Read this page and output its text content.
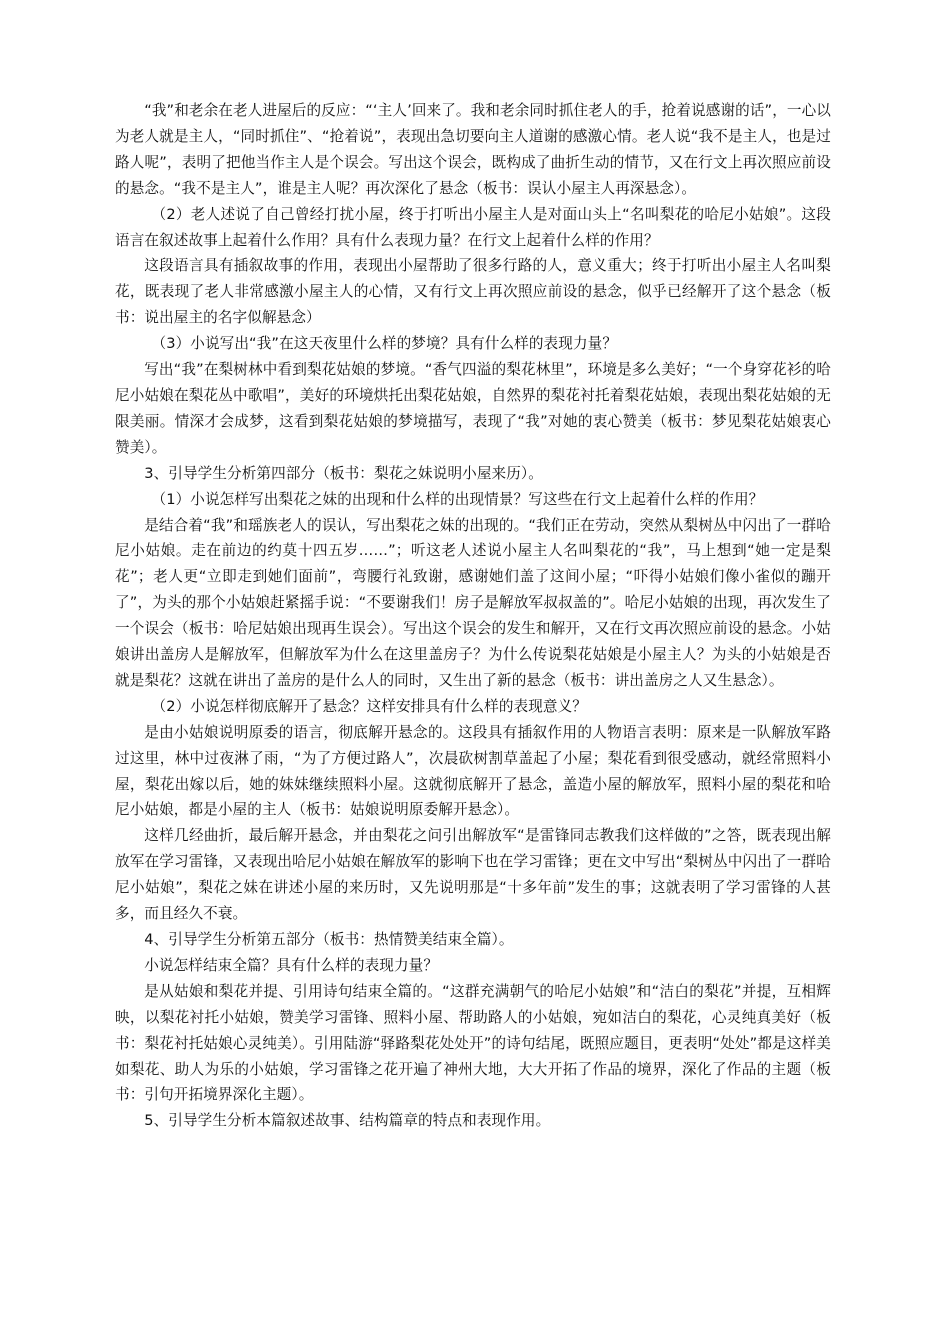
“我”和老余在老人进屋后的反应：“‘主人’回来了。我和老余同时抓住老人的手，抢着说感谢的话”，一心以为老人就是主人，“同时抓住”、“抢着说”，表现出急切要向主人道谢的感激心情。老人说“我不是主人，也是过路人呢”，表明了把他当作主人是个误会。写出这个误会，既构成了曲折生动的情节，又在行文上再次照应前设的悬念。“我不是主人”，谁是主人呢？再次深化了悬念（板书：误认小屋主人再深悬念）。

（2）老人述说了自己曾经打扰小屋，终于打听出小屋主人是对面山头上“名叫梨花的哈尼小姑娘”。这段语言在叙述故事上起着什么作用？具有什么表现力量？在行文上起着什么样的作用？

这段语言具有插叙故事的作用，表现出小屋帮助了很多行路的人，意义重大；终于打听出小屋主人名叫梨花，既表现了老人非常感激小屋主人的心情，又有行文上再次照应前设的悬念，似乎已经解开了这个悬念（板书：说出屋主的名字似解悬念）

（3）小说写出“我”在这天夜里什么样的梦境？具有什么样的表现力量？

写出“我”在梨树林中看到梨花姑娘的梦境。“香气四溢的梨花林里”，环境是多么美好；“一个身穿花衫的哈尼小姑娘在梨花丛中歌唱”，美好的环境烘托出梨花姑娘，自然界的梨花衬托着梨花姑娘，表现出梨花姑娘的无限美丽。情深才会成梦，这看到梨花姑娘的梦境描写，表现了“我”对她的衷心赞美（板书：梦见梨花姑娘衷心赞美）。

3、引导学生分析第四部分（板书：梨花之妹说明小屋来历）。

（1）小说怎样写出梨花之妹的出现和什么样的出现情景？写这些在行文上起着什么样的作用？

是结合着“我”和瑶族老人的误认，写出梨花之妹的出现的。“我们正在劳动，突然从梨树丛中闪出了一群哈尼小姑娘。走在前边的约莫十四五岁……”；听这老人述说小屋主人名叫梨花的“我”，马上想到“她一定是梨花”；老人更“立即走到她们面前”，弯腰行礼致谢，感谢她们盖了这间小屋；“吓得小姑娘们像小雀似的蹦开了”，为头的那个小姑娘赶紧摇手说：“不要谢我们！房子是解放军叔叔盖的”。哈尼小姑娘的出现，再次发生了一个误会（板书：哈尼姑娘出现再生误会）。写出这个误会的发生和解开，又在行文再次照应前设的悬念。小姑娘讲出盖房人是解放军，但解放军为什么在这里盖房子？为什么传说梨花姑娘是小屋主人？为头的小姑娘是否就是梨花？这就在讲出了盖房的是什么人的同时，又生出了新的悬念（板书：讲出盖房之人又生悬念）。

（2）小说怎样彻底解开了悬念？这样安排具有什么样的表现意义？

是由小姑娘说明原委的语言，彻底解开悬念的。这段具有插叙作用的人物语言表明：原来是一队解放军路过这里，林中过夜淋了雨，“为了方便过路人”，次晨砍树割草盖起了小屋；梨花看到很受感动，就经常照料小屋，梨花出嫁以后，她的妹妹继续照料小屋。这就彻底解开了悬念，盖造小屋的解放军，照料小屋的梨花和哈尼小姑娘，都是小屋的主人（板书：姑娘说明原委解开悬念）。

这样几经曲折，最后解开悬念，并由梨花之问引出解放军“是雷锋同志教我们这样做的”之答，既表现出解放军在学习雷锋，又表现出哈尼小姑娘在解放军的影响下也在学习雷锋；更在文中写出“梨树丛中闪出了一群哈尼小姑娘”，梨花之妹在讲述小屋的来历时，又先说明那是“十多年前”发生的事；这就表明了学习雷锋的人甚多，而且经久不衰。

4、引导学生分析第五部分（板书：热情赞美结束全篇）。

小说怎样结束全篇？具有什么样的表现力量？

是从姑娘和梨花并提、引用诗句结束全篇的。“这群充满朝气的哈尼小姑娘”和“洁白的梨花”并提，互相辉映，以梨花衬托小姑娘，赞美学习雷锋、照料小屋、帮助路人的小姑娘，宛如洁白的梨花，心灵纯真美好（板书：梨花衬托姑娘心灵纯美）。引用陆游“驿路梨花处处开”的诗句结尾，既照应题目，更表明“处处”都是这样美如梨花、助人为乐的小姑娘，学习雷锋之花开遍了神州大地，大大开拓了作品的境界，深化了作品的主题（板书：引句开拓境界深化主题）。

5、引导学生分析本篇叙述故事、结构篇章的特点和表现作用。
